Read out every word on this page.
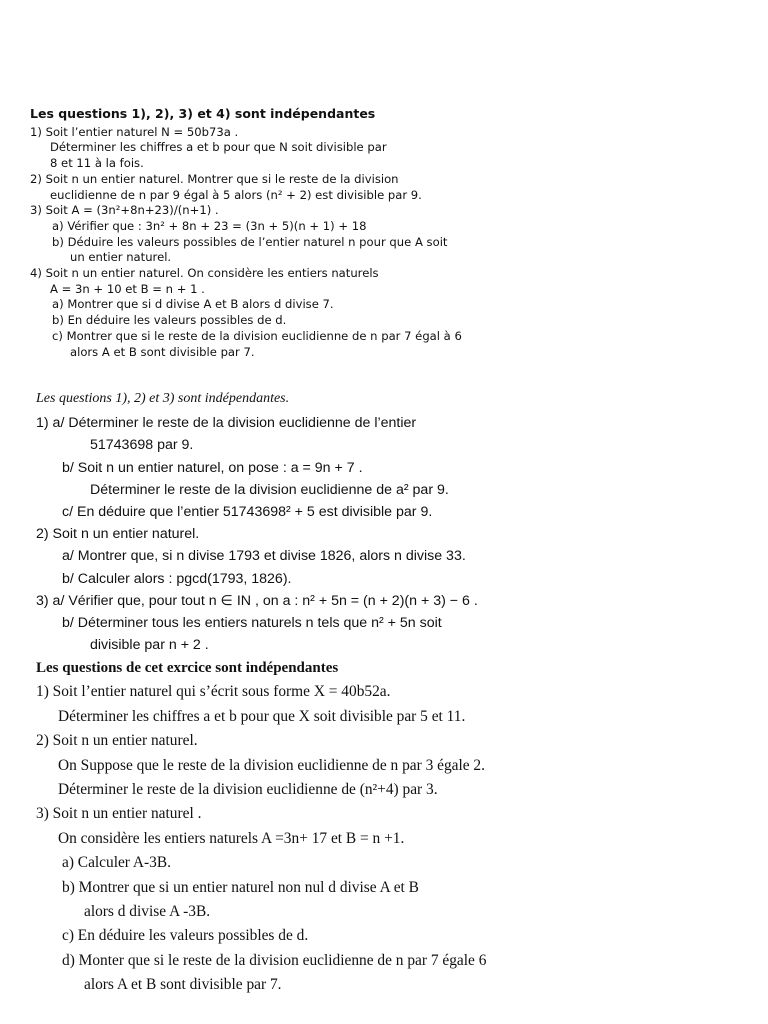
Les questions 1), 2), 3) et 4) sont indépendantes
1) Soit l’entier naturel N = 50b73a .
Déterminer les chiffres a et b pour que N soit divisible par
8 et 11 à la fois.
2) Soit n un entier naturel. Montrer que si le reste de la division
euclidienne de n par 9 égal à 5 alors (n² + 2) est divisible par 9.
3) Soit A = (3n²+8n+23)/(n+1) .
a) Vérifier que : 3n² + 8n + 23 = (3n + 5)(n + 1) + 18
b) Déduire les valeurs possibles de l’entier naturel n pour que A soit
un entier naturel.
4) Soit n un entier naturel. On considère les entiers naturels
A = 3n + 10 et B = n + 1 .
a) Montrer que si d divise A et B alors d divise 7.
b) En déduire les valeurs possibles de d.
c) Montrer que si le reste de la division euclidienne de n par 7 égal à 6
alors A et B sont divisible par 7.
Les questions 1), 2) et 3) sont indépendantes.
1) a/ Déterminer le reste de la division euclidienne de l’entier
51743698 par 9.
b/ Soit n un entier naturel, on pose : a = 9n + 7 .
Déterminer le reste de la division euclidienne de a² par 9.
c/ En déduire que l’entier 51743698² + 5 est divisible par 9.
2) Soit n un entier naturel.
a/ Montrer que, si n divise 1793 et divise 1826, alors n divise 33.
b/ Calculer alors : pgcd(1793, 1826).
3) a/ Vérifier que, pour tout n ∈ IN , on a : n² + 5n = (n + 2)(n + 3) − 6 .
b/ Déterminer tous les entiers naturels n tels que n² + 5n soit
divisible par n + 2 .
Les questions de cet exrcice sont indépendantes
1) Soit l’entier naturel qui s’écrit sous forme X = 40b52a.
Déterminer les chiffres a et b pour que X soit divisible par 5 et 11.
2) Soit n un entier naturel.
On Suppose que le reste de la division euclidienne de n par 3 égale 2.
Déterminer le reste de la division euclidienne de (n²+4) par 3.
3) Soit n un entier naturel .
On considère les entiers naturels A =3n+ 17 et B = n +1.
a) Calculer A-3B.
b) Montrer que si un entier naturel non nul d divise A et B
alors d divise A -3B.
c) En déduire les valeurs possibles de d.
d) Monter que si le reste de la division euclidienne de n par 7 égale 6
alors A et B sont divisible par 7.
